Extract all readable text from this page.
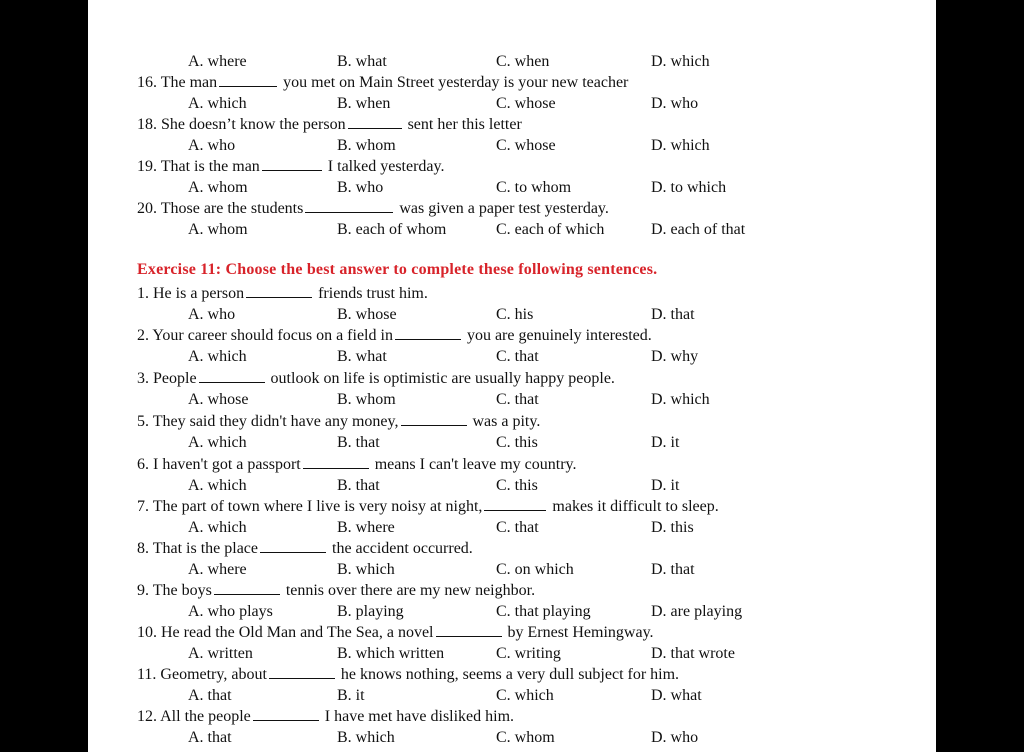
Exercise 11: Choose the best answer to complete these following sentences.
A. where	B. what	C. when	D. which
16. The man	you met on Main Street yesterday is your new teacher
A. which	B. when	C. whose	D. who
18. She doesn’t know the person	sent her this letter
A. who	B. whom	C. whose	D. which
19. That is the man	I talked yesterday.
A. whom	B. who	C. to whom	D. to which
20. Those are the students	was given a paper test yesterday.
A. whom	B. each of whom	C. each of which	D. each of that
1. He is a person	friends trust him.
A. who	B. whose	C. his	D. that
2. Your career should focus on a field in	you are genuinely interested.
A. which	B. what	C. that	D. why
3. People	outlook on life is optimistic are usually happy people.
A. whose	B. whom	C. that	D. which
5. They said they didn't have any money,	was a pity.
A. which	B. that	C. this	D. it
6. I haven't got a passport	means I can't leave my country.
A. which	B. that	C. this	D. it
7. The part of town where I live is very noisy at night,	makes it difficult to sleep.
A. which	B. where	C. that	D. this
8. That is the place	the accident occurred.
A. where	B. which	C. on which	D. that
9. The boys	tennis over there are my new neighbor.
A. who plays	B. playing	C. that playing	D. are playing
10. He read the Old Man and The Sea, a novel	by Ernest Hemingway.
A. written	B. which written	C. writing	D. that wrote
11. Geometry, about	he knows nothing, seems a very dull subject for him.
A. that	B. it	C. which	D. what
12. All the people	I have met have disliked him.
A. that	B. which	C. whom	D. who
